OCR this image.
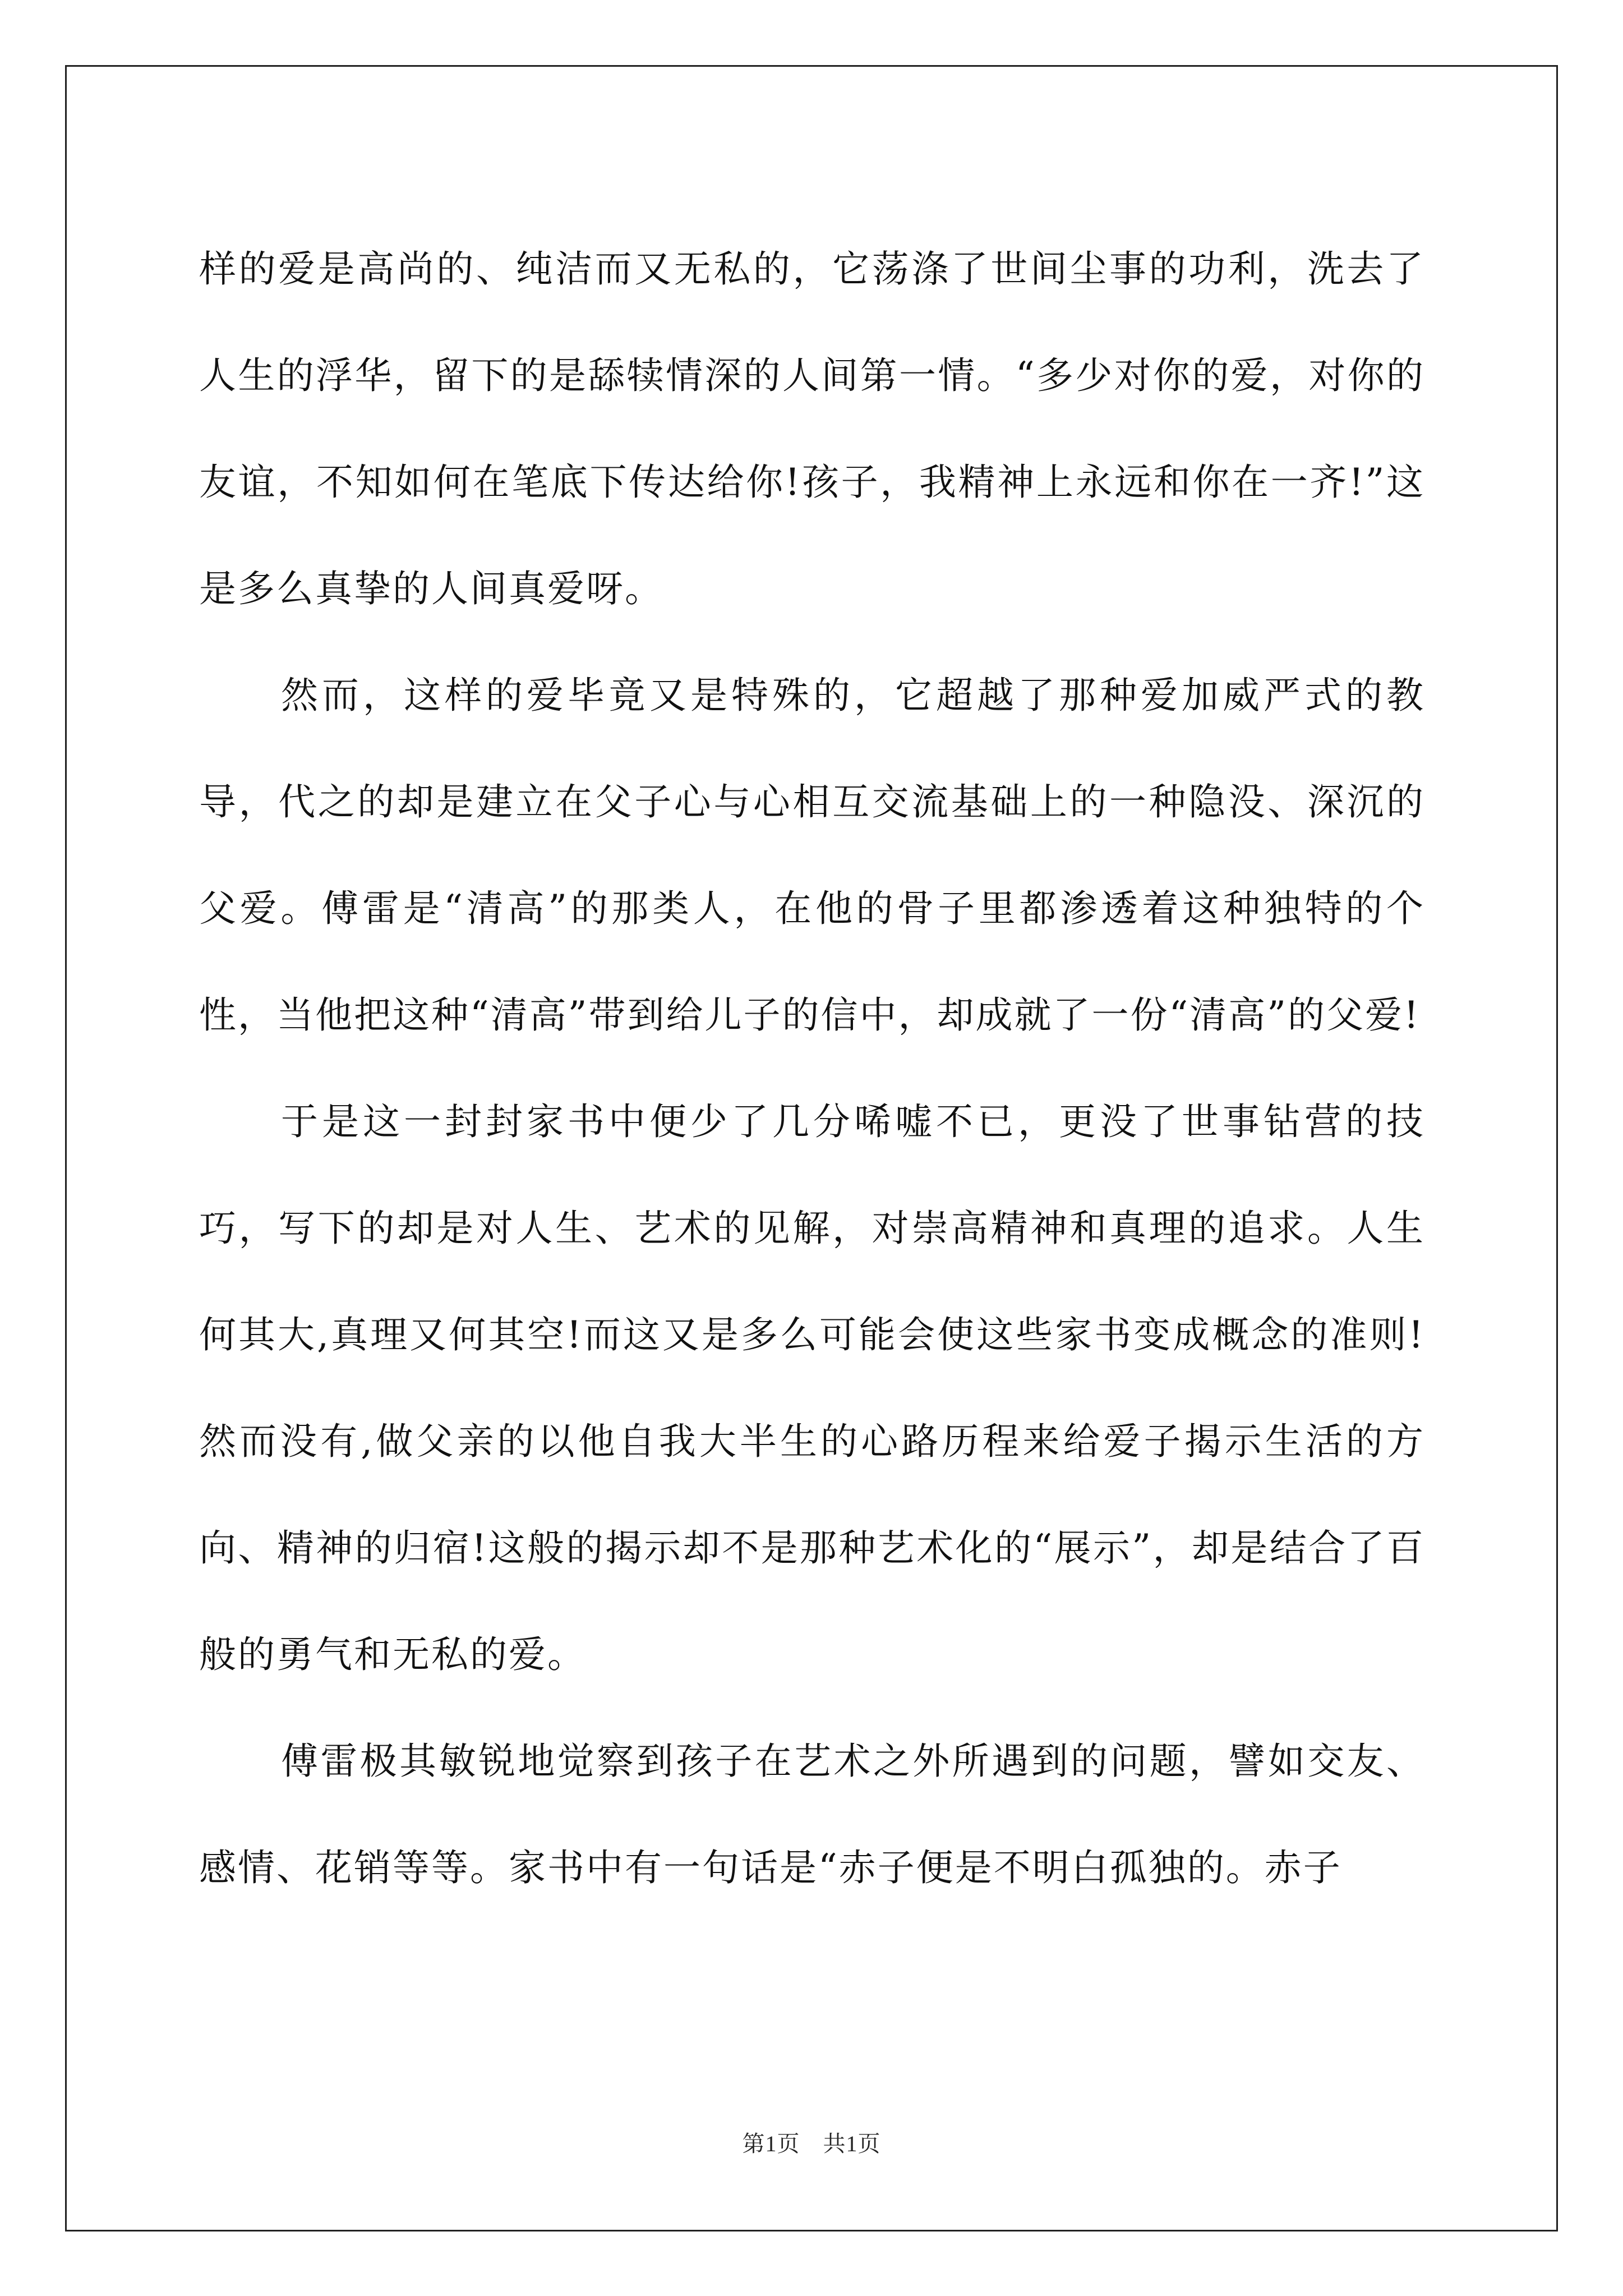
样的爱是高尚的、纯洁而又无私的，它荡涤了世间尘事的功利，洗去了人生的浮华，留下的是舔犊情深的人间第一情。“多少对你的爱，对你的友谊，不知如何在笔底下传达给你!孩子，我精神上永远和你在一齐!”这是多么真挚的人间真爱呀。

然而，这样的爱毕竟又是特殊的，它超越了那种爱加威严式的教导，代之的却是建立在父子心与心相互交流基础上的一种隐没、深沉的父爱。傅雷是“清高”的那类人，在他的骨子里都渗透着这种独特的个性，当他把这种“清高”带到给儿子的信中，却成就了一份“清高”的父爱!

于是这一封封家书中便少了几分唏嘘不已，更没了世事钻营的技巧，写下的却是对人生、艺术的见解，对崇高精神和真理的追求。人生何其大,真理又何其空!而这又是多么可能会使这些家书变成概念的准则!然而没有,做父亲的以他自我大半生的心路历程来给爱子揭示生活的方向、精神的归宿!这般的揭示却不是那种艺术化的“展示”，却是结合了百般的勇气和无私的爱。

傅雷极其敏锐地觉察到孩子在艺术之外所遇到的问题，譬如交友、感情、花销等等。家书中有一句话是“赤子便是不明白孤独的。赤子

第1页　共1页
